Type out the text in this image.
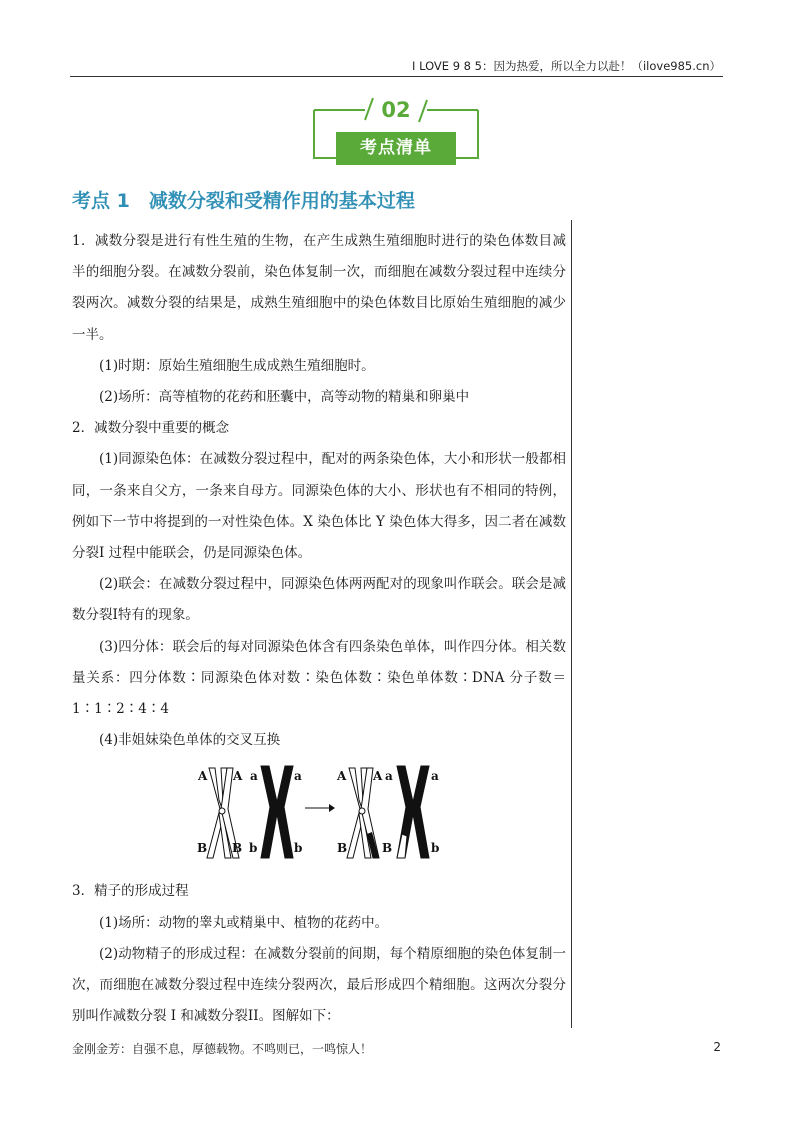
I LOVE 9 8 5：因为热爱，所以全力以赴！（ilove985.cn）
02
考点清单
考点 1　减数分裂和受精作用的基本过程

1．减数分裂是进行有性生殖的生物，在产生成熟生殖细胞时进行的染色体数目减半的细胞分裂。在减数分裂前，染色体复制一次，而细胞在减数分裂过程中连续分裂两次。减数分裂的结果是，成熟生殖细胞中的染色体数目比原始生殖细胞的减少一半。

(1)时期：原始生殖细胞生成成熟生殖细胞时。

(2)场所：高等植物的花药和胚囊中，高等动物的精巢和卵巢中

2．减数分裂中重要的概念

(1)同源染色体：在减数分裂过程中，配对的两条染色体，大小和形状一般都相同，一条来自父方，一条来自母方。同源染色体的大小、形状也有不相同的特例，例如下一节中将提到的一对性染色体。X 染色体比 Y 染色体大得多，因二者在减数分裂I 过程中能联会，仍是同源染色体。

(2)联会：在减数分裂过程中，同源染色体两两配对的现象叫作联会。联会是减数分裂I特有的现象。

(3)四分体：联会后的每对同源染色体含有四条染色单体，叫作四分体。相关数量关系：四分体数∶同源染色体对数∶染色体数∶染色单体数∶DNA 分子数＝1∶1∶2∶4∶4

(4)非姐妹染色单体的交叉互换

A A
B B
a	a
b	b
A A
B	B
a	a
b

3．精子的形成过程

(1)场所：动物的睾丸或精巢中、植物的花药中。

(2)动物精子的形成过程：在减数分裂前的间期，每个精原细胞的染色体复制一次，而细胞在减数分裂过程中连续分裂两次，最后形成四个精细胞。这两次分裂分别叫作减数分裂 I 和减数分裂II。图解如下：

金刚金芳：自强不息，厚德载物。不鸣则已，一鸣惊人！	2
